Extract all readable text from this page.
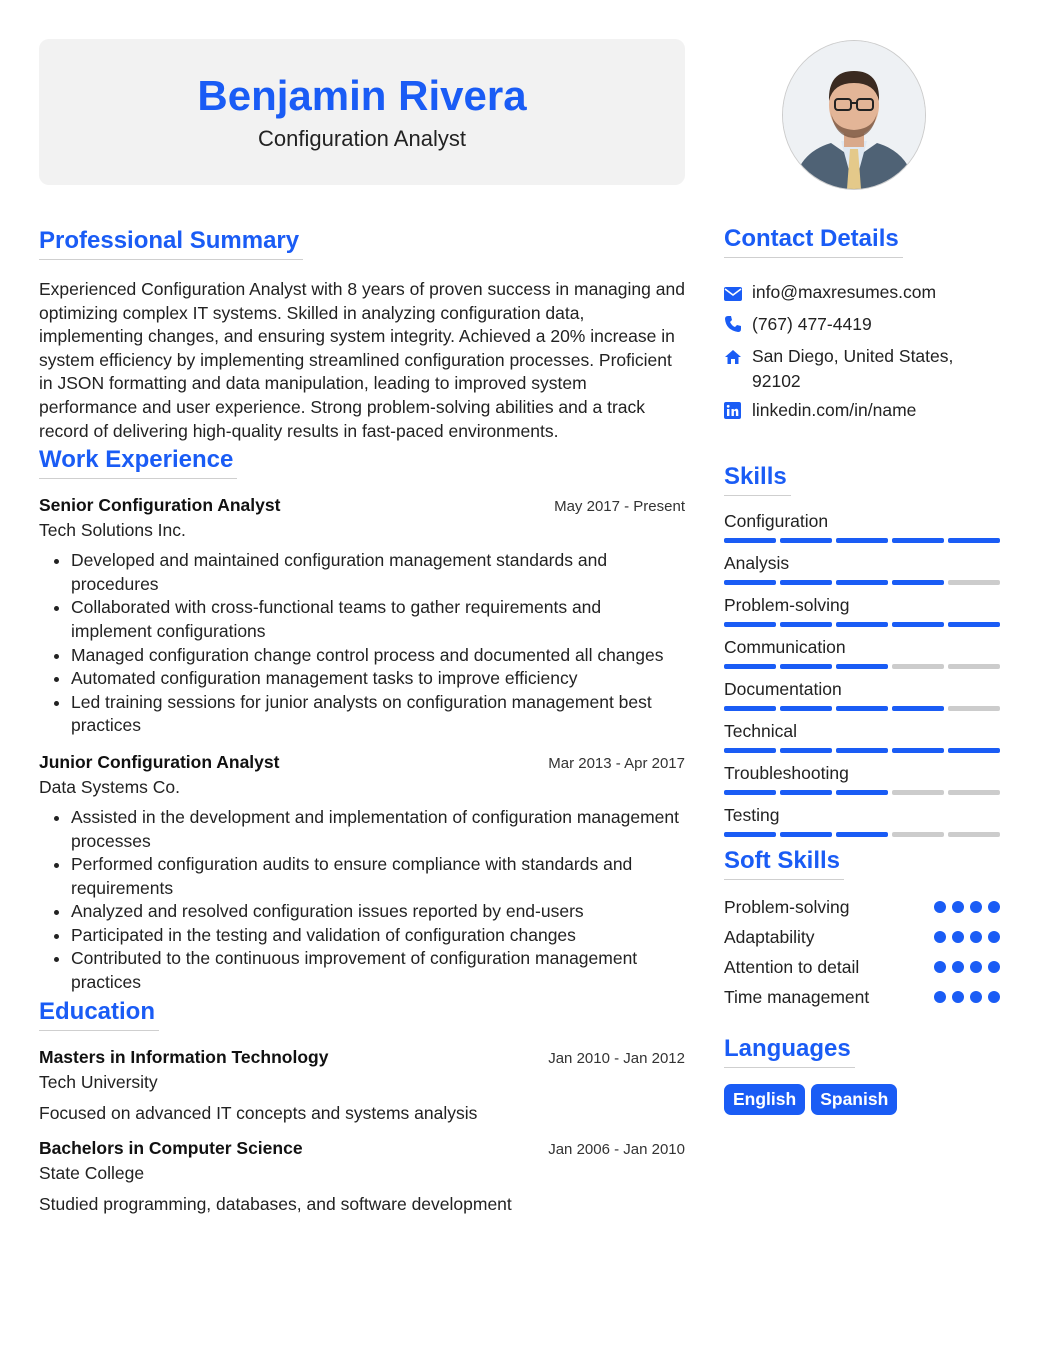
Benjamin Rivera
Configuration Analyst
Professional Summary

Experienced Configuration Analyst with 8 years of proven success in managing and optimizing complex IT systems. Skilled in analyzing configuration data, implementing changes, and ensuring system integrity. Achieved a 20% increase in system efficiency by implementing streamlined configuration processes. Proficient in JSON formatting and data manipulation, leading to improved system performance and user experience. Strong problem-solving abilities and a track record of delivering high-quality results in fast-paced environments.

Work Experience
Senior Configuration Analyst	May 2017 - Present
Tech Solutions Inc.
• Developed and maintained configuration management standards and procedures
• Collaborated with cross-functional teams to gather requirements and implement configurations
• Managed configuration change control process and documented all changes
• Automated configuration management tasks to improve efficiency
• Led training sessions for junior analysts on configuration management best practices
Junior Configuration Analyst	Mar 2013 - Apr 2017
Data Systems Co.
• Assisted in the development and implementation of configuration management processes
• Performed configuration audits to ensure compliance with standards and requirements
• Analyzed and resolved configuration issues reported by end-users
• Participated in the testing and validation of configuration changes
• Contributed to the continuous improvement of configuration management practices
Education
Masters in Information Technology	Jan 2010 - Jan 2012
Tech University
Focused on advanced IT concepts and systems analysis
Bachelors in Computer Science	Jan 2006 - Jan 2010
State College
Studied programming, databases, and software development
Contact Details
info@maxresumes.com
(767) 477-4419
San Diego, United States,
92102
linkedin.com/in/name
Skills
Configuration
Analysis
Problem-solving
Communication
Documentation
Technical
Troubleshooting
Testing
Soft Skills
Problem-solving
Adaptability
Attention to detail
Time management
Languages
English	Spanish
